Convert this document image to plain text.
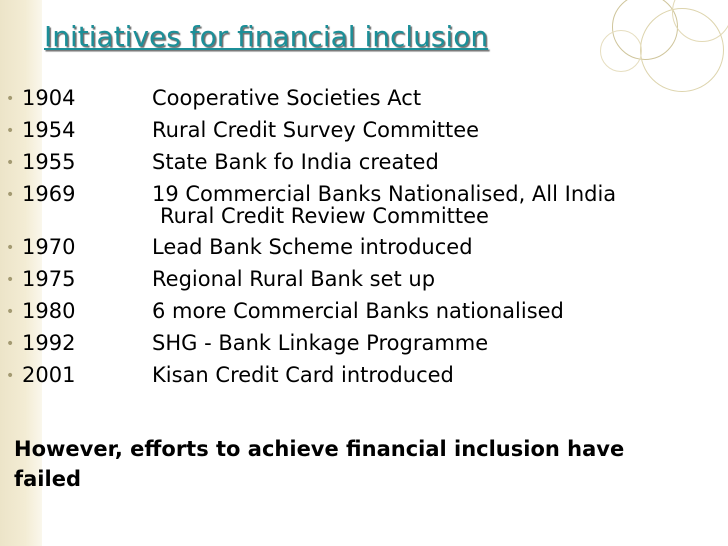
Initiatives for financial inclusion
• 1904	Cooperative Societies Act
• 1954	Rural Credit Survey Committee
• 1955	State Bank fo India created
• 1969	19 Commercial Banks Nationalised, All India
Rural Credit Review Committee
• 1970	Lead Bank Scheme introduced
• 1975	Regional Rural Bank set up
• 1980	6 more Commercial Banks nationalised
• 1992	SHG - Bank Linkage Programme
• 2001	Kisan Credit Card introduced

However, efforts to achieve financial inclusion have failed
